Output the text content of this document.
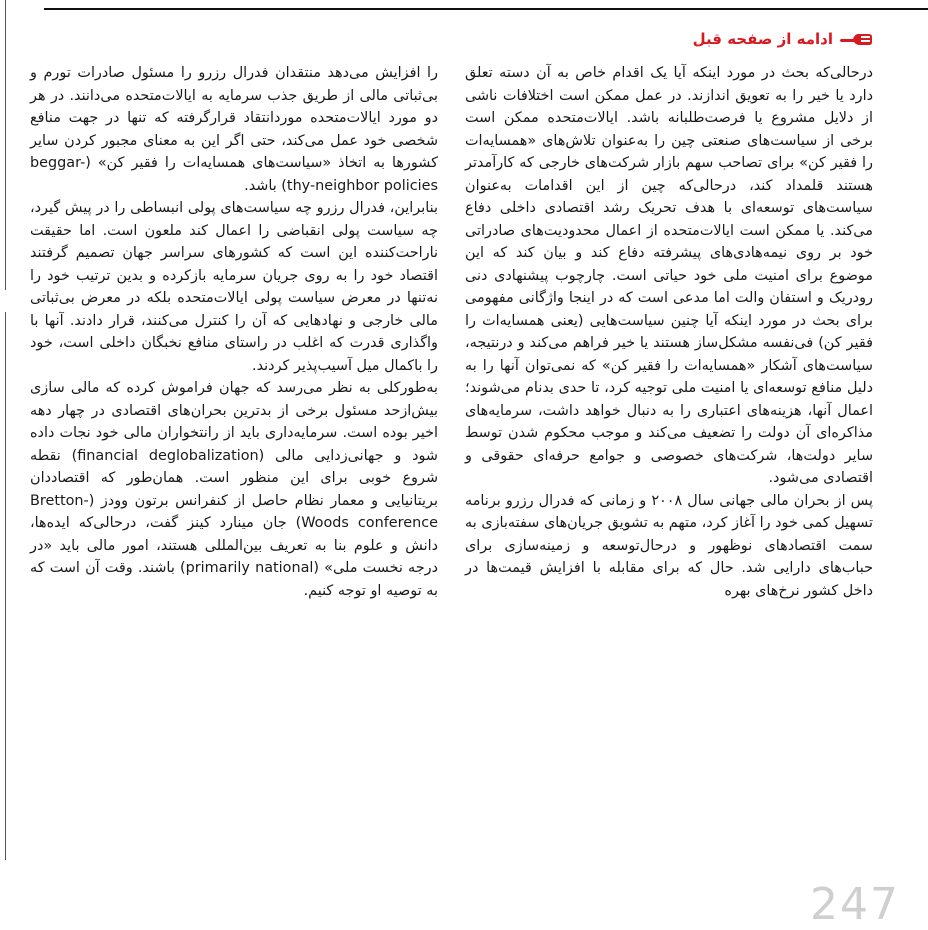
ادامه از صفحه قبل

درحالی‌که بحث در مورد اینکه آیا یک اقدام خاص به آن دسته تعلق دارد یا خیر را به تعویق اندازند. در عمل ممکن است اختلافات ناشی از دلایل مشروع یا فرصت‌طلبانه باشد. ایالات‌متحده ممکن است برخی از سیاست‌های صنعتی چین را به‌عنوان تلاش‌های «همسایه‌ات را فقیر کن» برای تصاحب سهم بازار شرکت‌های خارجی که کارآمدتر هستند قلمداد کند، درحالی‌که چین از این اقدامات به‌عنوان سیاست‌های توسعه‌ای با هدف تحریک رشد اقتصادی داخلی دفاع می‌کند. یا ممکن است ایالات‌متحده از اعمال محدودیت‌های صادراتی خود بر روی نیمه‌هادی‌های پیشرفته دفاع کند و بیان کند که این موضوع برای امنیت ملی خود حیاتی است. چارچوب پیشنهادی دنی رودریک و استفان والت اما مدعی است که در اینجا واژگانی مفهومی برای بحث در مورد اینکه آیا چنین سیاست‌هایی (یعنی همسایه‌ات را فقیر کن) فی‌نفسه مشکل‌ساز هستند یا خیر فراهم می‌کند و درنتیجه، سیاست‌های آشکار «همسایه‌ات را فقیر کن» که نمی‌توان آنها را به دلیل منافع توسعه‌ای یا امنیت ملی توجیه کرد، تا حدی بدنام می‌شوند؛ اعمال آنها، هزینه‌های اعتباری را به دنبال خواهد داشت، سرمایه‌های مذاکره‌ای آن دولت را تضعیف می‌کند و موجب محکوم شدن توسط سایر دولت‌ها، شرکت‌های خصوصی و جوامع حرفه‌ای حقوقی و اقتصادی می‌شود.

پس از بحران مالی جهانی سال ۲۰۰۸ و زمانی که فدرال رزرو برنامه تسهیل کمی خود را آغاز کرد، متهم به تشویق جریان‌های سفته‌بازی به سمت اقتصادهای نوظهور و درحال‌توسعه و زمینه‌سازی برای حباب‌های دارایی شد. حال که برای مقابله با افزایش قیمت‌ها در داخل کشور نرخ‌های بهره

را افزایش می‌دهد منتقدان فدرال رزرو را مسئول صادرات تورم و بی‌ثباتی مالی از طریق جذب سرمایه به ایالات‌متحده می‌دانند. در هر دو مورد ایالات‌متحده موردانتقاد قرارگرفته که تنها در جهت منافع شخصی خود عمل می‌کند، حتی اگر این به معنای مجبور کردن سایر کشورها به اتخاذ «سیاست‌های همسایه‌ات را فقیر کن» (beggar-thy-neighbor policies) باشد.

بنابراین، فدرال رزرو چه سیاست‌های پولی انبساطی را در پیش گیرد، چه سیاست پولی انقباضی را اعمال کند ملعون است. اما حقیقت ناراحت‌کننده این است که کشورهای سراسر جهان تصمیم گرفتند اقتصاد خود را به روی جریان سرمایه بازکرده و بدین ترتیب خود را نه‌تنها در معرض سیاست پولی ایالات‌متحده بلکه در معرض بی‌ثباتی مالی خارجی و نهادهایی که آن را کنترل می‌کنند، قرار دادند. آنها با واگذاری قدرت که اغلب در راستای منافع نخبگان داخلی است، خود را باکمال میل آسیب‌پذیر کردند.

به‌طورکلی به نظر می‌رسد که جهان فراموش کرده که مالی سازی بیش‌ازحد مسئول برخی از بدترین بحران‌های اقتصادی در چهار دهه اخیر بوده است. سرمایه‌داری باید از رانتخواران مالی خود نجات داده شود و جهانی‌زدایی مالی (financial deglobalization) نقطه شروع خوبی برای این منظور است. همان‌طور که اقتصاددان بریتانیایی و معمار نظام حاصل از کنفرانس برتون وودز (Bretton-Woods conference) جان مینارد کینز گفت، درحالی‌که ایده‌ها، دانش و علوم بنا به تعریف بین‌المللی هستند، امور مالی باید «در درجه نخست ملی» (primarily national) باشند. وقت آن است که به توصیه او توجه کنیم.

247
